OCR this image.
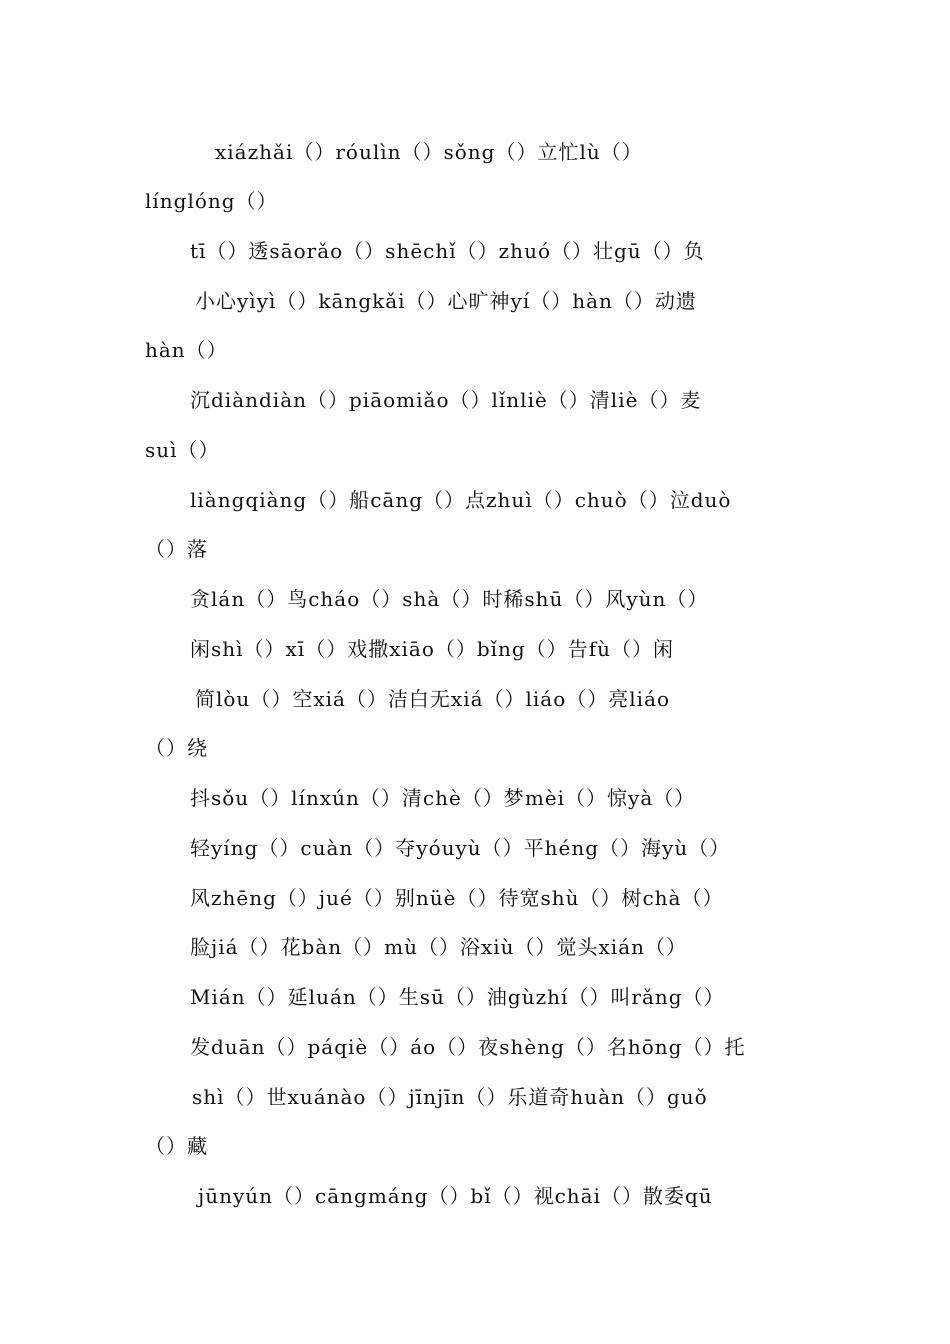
xiázhǎi（）róulìn（）sǒng（）立忙lù（）
línglóng（）
tī（）透sāorǎo（）shēchǐ（）zhuó（）壮gū（）负
小心yìyì（）kāngkǎi（）心旷神yí（）hàn（）动遗
hàn（）
沉diàndiàn（）piāomiǎo（）lǐnliè（）清liè（）麦
suì（）
liàngqiàng（）船cāng（）点zhuì（）chuò（）泣duò
（）落
贪lán（）鸟cháo（）shà（）时稀shū（）风yùn（）
闲shì（）xī（）戏撒xiāo（）bǐng（）告fù（）闲
简lòu（）空xiá（）洁白无xiá（）liáo（）亮liáo
（）绕
抖sǒu（）línxún（）清chè（）梦mèi（）惊yà（）
轻yíng（）cuàn（）夺yóuyù（）平héng（）海yù（）
风zhēng（）jué（）别nüè（）待宽shù（）树chà（）
脸jiá（）花bàn（）mù（）浴xiù（）觉头xián（）
Mián（）延luán（）生sū（）油gùzhí（）叫rǎng（）
发duān（）páqiè（）áo（）夜shèng（）名hōng（）托
shì（）世xuánào（）jīnjīn（）乐道奇huàn（）guǒ
（）藏
jūnyún（）cāngmáng（）bǐ（）视chāi（）散委qū
